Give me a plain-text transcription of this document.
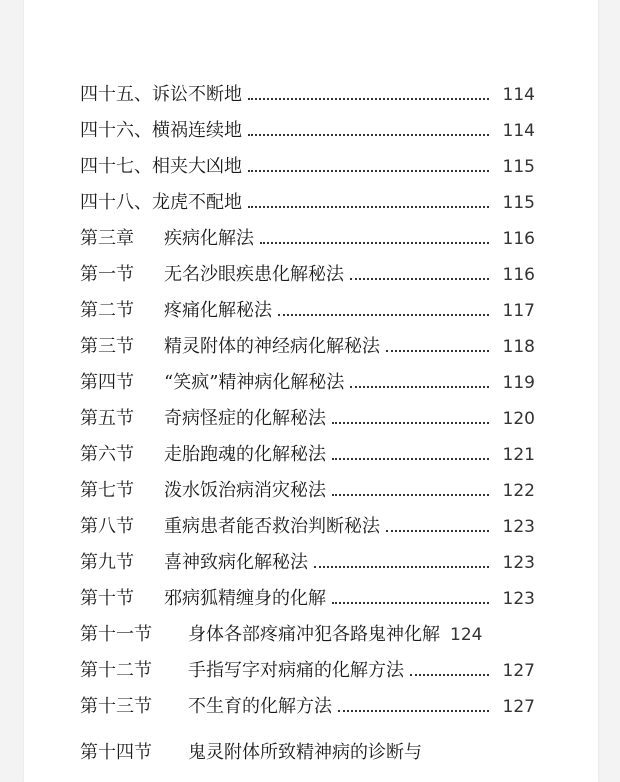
四十五、 诉讼不断地	114
四十六、 横祸连续地	114
四十七、 相夹大凶地	115
四十八、 龙虎不配地	115
第三章	疾病化解法	116
第一节	无名沙眼疾患化解秘法	116
第二节	疼痛化解秘法	117
第三节	精灵附体的神经病化解秘法	118
第四节	“笑疯”精神病化解秘法	119
第五节	奇病怪症的化解秘法	120
第六节	走胎跑魂的化解秘法	121
第七节	泼水饭治病消灾秘法	122
第八节	重病患者能否救治判断秘法	123
第九节	喜神致病化解秘法	123
第十节	邪病狐精缠身的化解	123
第十一节	身体各部疼痛冲犯各路鬼神化解 124
第十二节	手指写字对病痛的化解方法	127
第十三节	不生育的化解方法	127
第十四节	鬼灵附体所致精神病的诊断与
